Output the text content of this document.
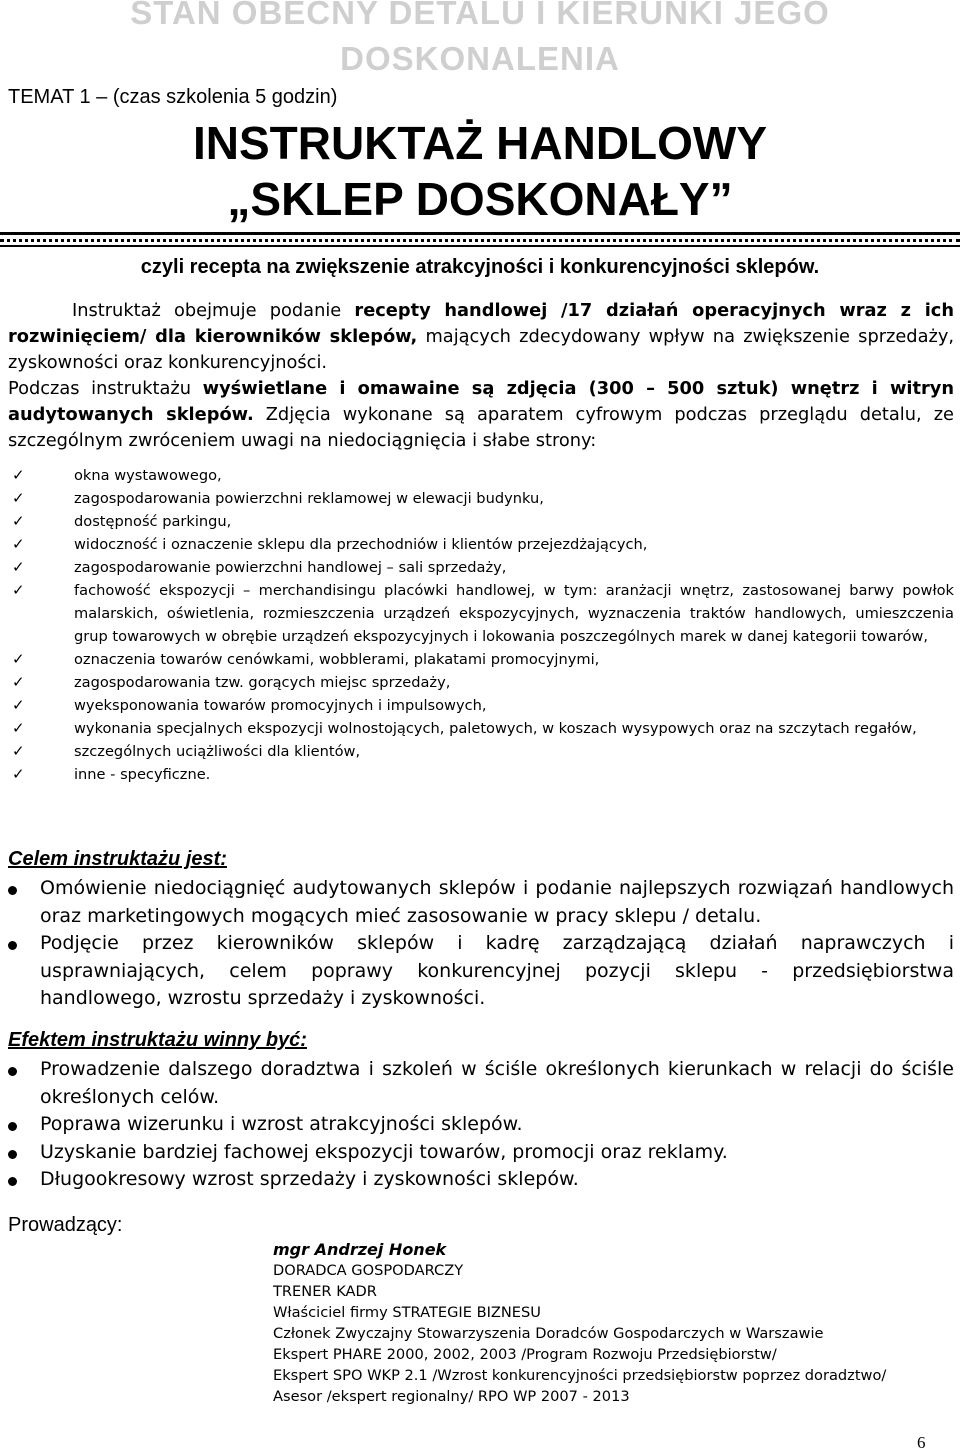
STAN OBECNY DETALU I KIERUNKI JEGO
DOSKONALENIA
TEMAT 1 – (czas szkolenia 5 godzin)
INSTRUKTAŻ HANDLOWY
„SKLEP DOSKONAŁY”
czyli recepta na zwiększenie atrakcyjności i konkurencyjności sklepów.

Instruktaż obejmuje podanie recepty handlowej /17 działań operacyjnych wraz z ich rozwinięciem/ dla kierowników sklepów, mających zdecydowany wpływ na zwiększenie sprzedaży, zyskowności oraz konkurencyjności.

Podczas instruktażu wyświetlane i omawaine są zdjęcia (300 – 500 sztuk) wnętrz i witryn audytowanych sklepów. Zdjęcia wykonane są aparatem cyfrowym podczas przeglądu detalu, ze szczególnym zwróceniem uwagi na niedociągnięcia i słabe strony:

✓	okna wystawowego,
✓	zagospodarowania powierzchni reklamowej w elewacji budynku,
✓	dostępność parkingu,
✓	widoczność i oznaczenie sklepu dla przechodniów i klientów przejezdżających,
✓	zagospodarowanie powierzchni handlowej – sali sprzedaży,
✓	fachowość ekspozycji – merchandisingu placówki handlowej, w tym: aranżacji wnętrz, zastosowanej barwy powłok malarskich, oświetlenia, rozmieszczenia urządzeń ekspozycyjnych, wyznaczenia traktów handlowych, umieszczenia grup towarowych w obrębie urządzeń ekspozycyjnych i lokowania poszczególnych marek w danej kategorii towarów,
✓	oznaczenia towarów cenówkami, wobblerami, plakatami promocyjnymi,
✓	zagospodarowania tzw. gorących miejsc sprzedaży,
✓	wyeksponowania towarów promocyjnych i impulsowych,
✓	wykonania specjalnych ekspozycji wolnostojących, paletowych, w koszach wysypowych oraz na szczytach regałów,
✓	szczególnych uciążliwości dla klientów,
✓	inne - specyficzne.
Celem instruktażu jest:
Omówienie niedociągnięć audytowanych sklepów i podanie najlepszych rozwiązań handlowych oraz marketingowych mogących mieć zasosowanie w pracy sklepu / detalu.
Podjęcie przez kierowników sklepów i kadrę zarządzającą działań naprawczych i usprawniających, celem poprawy konkurencyjnej pozycji sklepu - przedsiębiorstwa handlowego, wzrostu sprzedaży i zyskowności.
Efektem instruktażu winny być:
Prowadzenie dalszego doradztwa i szkoleń w ściśle określonych kierunkach w relacji do ściśle określonych celów.
Poprawa wizerunku i wzrost atrakcyjności sklepów.
Uzyskanie bardziej fachowej ekspozycji towarów, promocji oraz reklamy.
Długookresowy wzrost sprzedaży i zyskowności sklepów.
Prowadzący:
mgr Andrzej Honek
DORADCA GOSPODARCZY
TRENER KADR
Właściciel firmy STRATEGIE BIZNESU
Członek Zwyczajny Stowarzyszenia Doradców Gospodarczych w Warszawie
Ekspert PHARE 2000, 2002, 2003 /Program Rozwoju Przedsiębiorstw/
Ekspert SPO WKP 2.1 /Wzrost konkurencyjności przedsiębiorstw poprzez doradztwo/
Asesor /ekspert regionalny/ RPO WP 2007 - 2013
6
